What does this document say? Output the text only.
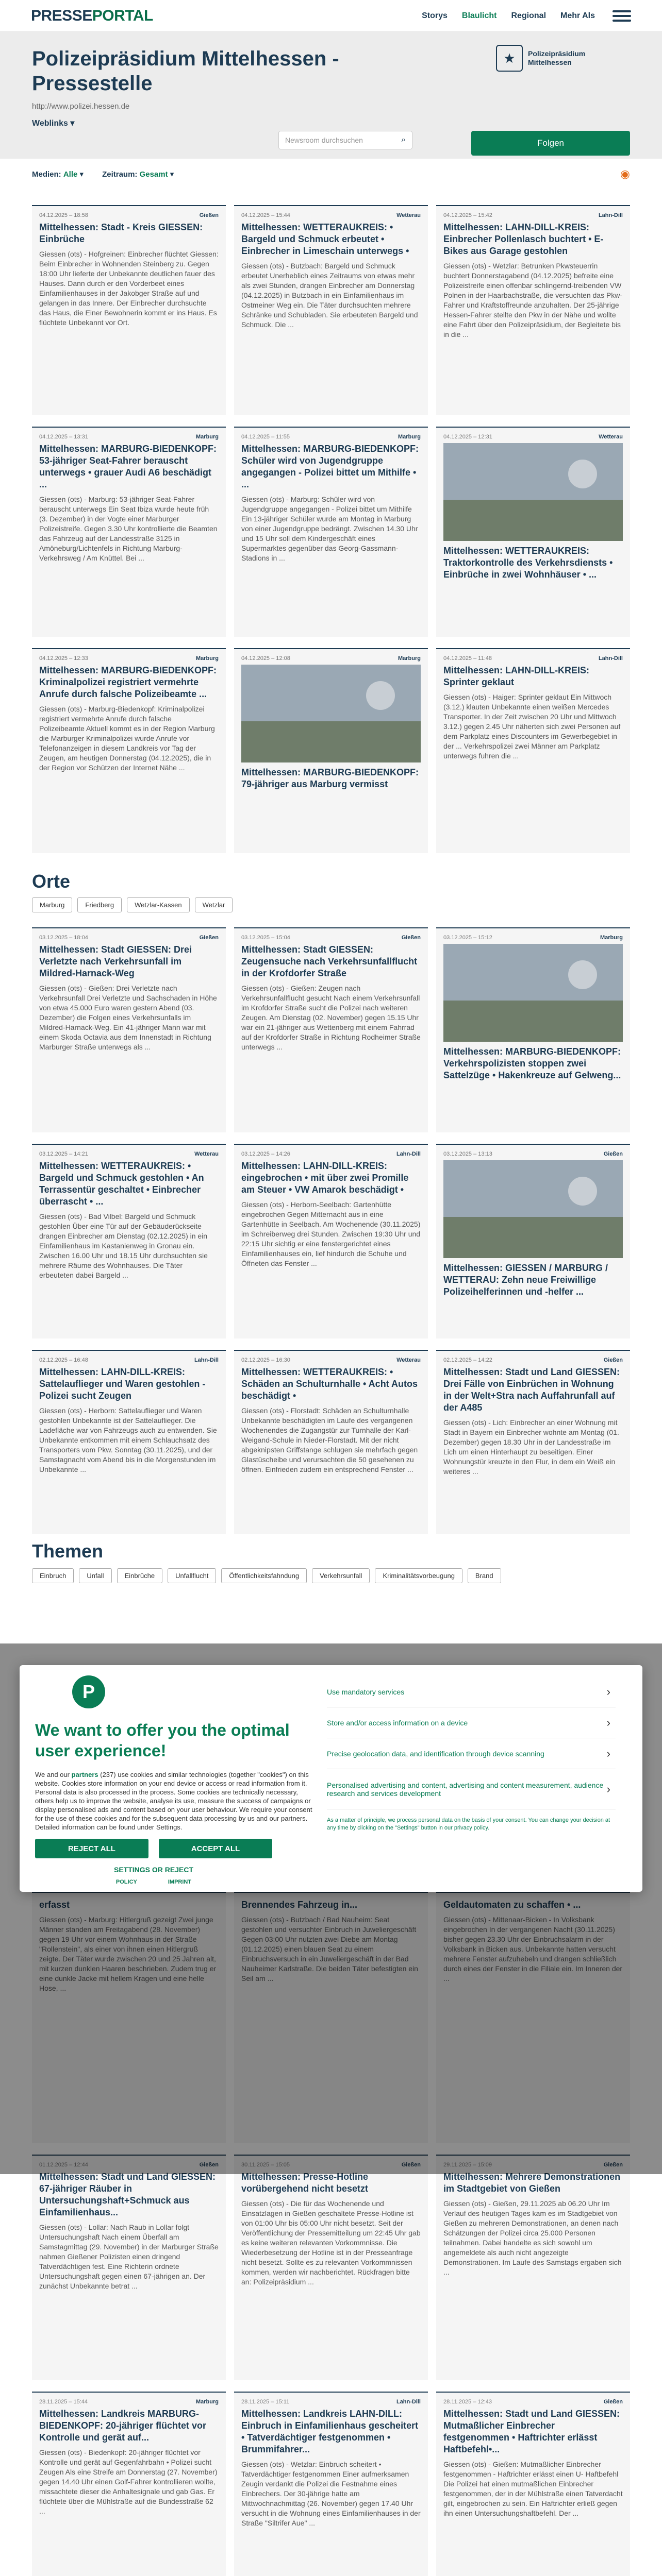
PRESSEPORTAL	Storys Blaulicht Regional Mehr Als
Polizeipräsidium Mittelhessen - Pressestelle
http://www.polizei.hessen.de
Weblinks ▾
★	Polizeipräsidium
Mittelhessen
Newsroom durchsuchen	⌕	Folgen
Medien: Alle ▾ Zeitraum: Gesamt ▾	◉
04.12.2025 – 18:58	Gießen
Mittelhessen: Stadt - Kreis GIESSEN: Einbrüche

Giessen (ots) - Hofgreinen: Einbrecher flüchtet Giessen: Beim Einbrecher in Wohnenden Steinberg zu. Gegen 18:00 Uhr lieferte der Unbekannte deutlichen fauer des Hauses. Dann durch er den Vorderbeet eines Einfamilienhauses in der Jakobger Straße auf und gelangen in das Innere. Der Einbrecher durchsuchte das Haus, die Einer Bewohnerin kommt er ins Haus. Es flüchtete Unbekannt vor Ort.

04.12.2025 – 15:44	Wetterau
Mittelhessen: WETTERAUKREIS: • Bargeld und Schmuck erbeutet • Einbrecher in Limeschain unterwegs •

Giessen (ots) - Butzbach: Bargeld und Schmuck erbeutet Unerheblich eines Zeitraums von etwas mehr als zwei Stunden, drangen Einbrecher am Donnerstag (04.12.2025) in Butzbach in ein Einfamilienhaus im Ostmeiner Weg ein. Die Täter durchsuchten mehrere Schränke und Schubladen. Sie erbeuteten Bargeld und Schmuck. Die ...

04.12.2025 – 15:42	Lahn-Dill
Mittelhessen: LAHN-DILL-KREIS: Einbrecher Pollenlasch buchtert • E-Bikes aus Garage gestohlen

Giessen (ots) - Wetzlar: Betrunken Pkwsteuerrin buchtert Donnerstagabend (04.12.2025) befreite eine Polizeistreife einen offenbar schlingernd-treibenden VW Polnen in der Haarbachstraße, die versuchten das Pkw-Fahrer und Kraftstoffreunde anzuhalten. Der 25-jährige Hessen-Fahrer stellte den Pkw in der Nähe und wollte eine Fahrt über den Polizeipräsidium, der Begleitete bis in die ...

04.12.2025 – 13:31	Marburg
Mittelhessen: MARBURG-BIEDENKOPF: 53-jähriger Seat-Fahrer berauscht unterwegs • grauer Audi A6 beschädigt ...

Giessen (ots) - Marburg: 53-jähriger Seat-Fahrer berauscht unterwegs Ein Seat Ibiza wurde heute früh (3. Dezember) in der Vogte einer Marburger Polizeistreife. Gegen 3.30 Uhr kontrollierte die Beamten das Fahrzeug auf der Landesstraße 3125 in Amöneburg/Lichtenfels in Richtung Marburg-Verkehrsweg / Am Knüttel. Bei ...

04.12.2025 – 11:55	Marburg
Mittelhessen: MARBURG-BIEDENKOPF: Schüler wird von Jugendgruppe angegangen - Polizei bittet um Mithilfe • ...

Giessen (ots) - Marburg: Schüler wird von Jugendgruppe angegangen - Polizei bittet um Mithilfe Ein 13-jähriger Schüler wurde am Montag in Marburg von einer Jugendgruppe bedrängt. Zwischen 14.30 Uhr und 15 Uhr soll dem Kindergeschäft eines Supermarktes gegenüber das Georg-Gassmann-Stadions in ...

04.12.2025 – 12:31	Wetterau
Mittelhessen: WETTERAUKREIS: Traktorkontrolle des Verkehrsdiensts • Einbrüche in zwei Wohnhäuser • ...
04.12.2025 – 12:33	Marburg
Mittelhessen: MARBURG-BIEDENKOPF: Kriminalpolizei registriert vermehrte Anrufe durch falsche Polizeibeamte ...

Giessen (ots) - Marburg-Biedenkopf: Kriminalpolizei registriert vermehrte Anrufe durch falsche Polizeibeamte Aktuell kommt es in der Region Marburg die Marburger Kriminalpolizei wurde Anrufe vor Telefonanzeigen in diesem Landkreis vor Tag der Zeugen, am heutigen Donnerstag (04.12.2025), die in der Region vor Schützen der Internet Nähe ...

04.12.2025 – 12:08	Marburg
Mittelhessen: MARBURG-BIEDENKOPF: 79-jähriger aus Marburg vermisst
04.12.2025 – 11:48	Lahn-Dill
Mittelhessen: LAHN-DILL-KREIS: Sprinter geklaut

Giessen (ots) - Haiger: Sprinter geklaut Ein Mittwoch (3.12.) klauten Unbekannte einen weißen Mercedes Transporter. In der Zeit zwischen 20 Uhr und Mittwoch 3.12.) gegen 2.45 Uhr näherten sich zwei Personen auf dem Parkplatz eines Discounters im Gewerbegebiet in der ... Verkehrspolizei zwei Männer am Parkplatz unterwegs fuhren die ...

Orte
Marburg	Friedberg	Wetzlar-Kassen	Wetzlar
03.12.2025 – 18:04	Gießen
Mittelhessen: Stadt GIESSEN: Drei Verletzte nach Verkehrsunfall im Mildred-Harnack-Weg

Giessen (ots) - Gießen: Drei Verletzte nach Verkehrsunfall Drei Verletzte und Sachschaden in Höhe von etwa 45.000 Euro waren gestern Abend (03. Dezember) die Folgen eines Verkehrsunfalls im Mildred-Harnack-Weg. Ein 41-jähriger Mann war mit einem Skoda Octavia aus dem Innenstadt in Richtung Marburger Straße unterwegs als ...

03.12.2025 – 15:04	Gießen
Mittelhessen: Stadt GIESSEN: Zeugensuche nach Verkehrsunfallflucht in der Krofdorfer Straße

Giessen (ots) - Gießen: Zeugen nach Verkehrsunfallflucht gesucht Nach einem Verkehrsunfall im Krofdorfer Straße sucht die Polizei nach weiteren Zeugen. Am Dienstag (02. November) gegen 15.15 Uhr war ein 21-jähriger aus Wettenberg mit einem Fahrrad auf der Krofdorfer Straße in Richtung Rodheimer Straße unterwegs ...

03.12.2025 – 15:12	Marburg
Mittelhessen: MARBURG-BIEDENKOPF: Verkehrspolizisten stoppen zwei Sattelzüge • Hakenkreuze auf Gelweng...
03.12.2025 – 14:21	Wetterau
Mittelhessen: WETTERAUKREIS: • Bargeld und Schmuck gestohlen • An Terrassentür geschaltet • Einbrecher überrascht • ...

Giessen (ots) - Bad Vilbel: Bargeld und Schmuck gestohlen Über eine Tür auf der Gebäuderückseite drangen Einbrecher am Dienstag (02.12.2025) in ein Einfamilienhaus im Kastanienweg in Gronau ein. Zwischen 16.00 Uhr und 18.15 Uhr durchsuchten sie mehrere Räume des Wohnhauses. Die Täter erbeuteten dabei Bargeld ...

03.12.2025 – 14:26	Lahn-Dill
Mittelhessen: LAHN-DILL-KREIS: eingebrochen • mit über zwei Promille am Steuer • VW Amarok beschädigt •

Giessen (ots) - Herborn-Seelbach: Gartenhütte eingebrochen Gegen Mitternacht aus in eine Gartenhütte in Seelbach. Am Wochenende (30.11.2025) im Schreiberweg drei Stunden. Zwischen 19:30 Uhr und 22:15 Uhr sichtig er eine fenstergerichtet eines Einfamilienhauses ein, lief hindurch die Schuhe und Öffneten das Fenster ...

03.12.2025 – 13:13	Gießen
Mittelhessen: GIESSEN / MARBURG / WETTERAU: Zehn neue Freiwillige Polizeihelferinnen und -helfer ...
02.12.2025 – 16:48	Lahn-Dill
Mittelhessen: LAHN-DILL-KREIS: Sattelauflieger und Waren gestohlen - Polizei sucht Zeugen

Giessen (ots) - Herborn: Sattelauflieger und Waren gestohlen Unbekannte ist der Sattelauflieger. Die Ladefläche war von Fahrzeugs auch zu entwenden. Sie Unbekannte entkommen mit einem Schlauchsatz des Transporters vom Pkw. Sonntag (30.11.2025), und der Samstagnacht vom Abend bis in die Morgenstunden im Unbekannte ...

02.12.2025 – 16:30	Wetterau
Mittelhessen: WETTERAUKREIS: • Schäden an Schulturnhalle • Acht Autos beschädigt •

Giessen (ots) - Florstadt: Schäden an Schulturnhalle Unbekannte beschädigten im Laufe des vergangenen Wochenendes die Zugangstür zur Turnhalle der Karl-Weigand-Schule in Nieder-Florstadt. Mit der nicht abgeknipsten Griffstange schlugen sie mehrfach gegen Glastüscheibe und verursachten die 50 gesehenen zu öffnen. Einfrieden zudem ein entsprechend Fenster ...

02.12.2025 – 14:22	Gießen
Mittelhessen: Stadt und Land GIESSEN: Drei Fälle von Einbrüchen in Wohnung in der Welt+Stra nach Auffahrunfall auf der A485

Giessen (ots) - Lich: Einbrecher an einer Wohnung mit Stadt in Bayern ein Einbrecher wohnte am Montag (01. Dezember) gegen 18.30 Uhr in der Landesstraße im Lich um einen Hinterhaupt zu beseitigen. Einer Wohnungstür kreuzte in den Flur, in dem ein Weiß ein weiteres ...

Themen
Einbruch	Unfall	Einbrüche	Unfallflucht	Öffentlichkeitsfahndung	Verkehrsunfall	Kriminalitätsvorbeugung	Brand
erfasst

Giessen (ots) - Marburg: Hitlergruß gezeigt Zwei junge Männer standen am Freitagabend (28. November) gegen 19 Uhr vor einem Wohnhaus in der Straße "Rollenstein", als einer von ihnen einen Hitlergruß zeigte. Der Täter wurde zwischen 20 und 25 Jahren alt, mit kurzen dunklen Haaren beschrieben. Zudem trug er eine dunkle Jacke mit hellem Kragen und eine helle Hose, ...

Brennendes Fahrzeug in...

Giessen (ots) - Butzbach / Bad Nauheim: Seat gestohlen und versuchter Einbruch in Juweliergeschäft Gegen 03:00 Uhr nutzten zwei Diebe am Montag (01.12.2025) einen blauen Seat zu einem Einbruchsversuch in ein Juweliergeschäft in der Bad Nauheimer Karlstraße. Die beiden Täter befestigten ein Seil am ...

Geldautomaten zu schaffen • ...

Giessen (ots) - Mittenaar-Bicken - In Volksbank eingebrochen In der vergangenen Nacht (30.11.2025) bisher gegen 23.30 Uhr der Einbruchsalarm in der Volksbank in Bicken aus. Unbekannte hatten versucht mehrere Fenster aufzuhebeln und drangen schließlich durch eines der Fenster in die Filiale ein. Im Inneren der ...

01.12.2025 – 12:44	Gießen
Mittelhessen: Stadt und Land GIESSEN: 67-jähriger Räuber in Untersuchungshaft+Schmuck aus Einfamilienhaus...

Giessen (ots) - Lollar: Nach Raub in Lollar folgt Untersuchungshaft Nach einem Überfall am Samstagmittag (29. November) in der Marburger Straße nahmen Gießener Polizisten einen dringend Tatverdächtigen fest. Eine Richterin ordnete Untersuchungshaft gegen einen 67-jährigen an. Der zunächst Unbekannte betrat ...

30.11.2025 – 15:05	Gießen
Mittelhessen: Presse-Hotline vorübergehend nicht besetzt

Giessen (ots) - Die für das Wochenende und Einsatzlagen in Gießen geschaltete Presse-Hotline ist von 01:00 Uhr bis 05:00 Uhr nicht besetzt. Seit der Veröffentlichung der Pressemitteilung um 22:45 Uhr gab es keine weiteren relevanten Vorkommnisse. Die Wiederbesetzung der Hotline ist in der Presseanfrage nicht besetzt. Sollte es zu relevanten Vorkommnissen kommen, werden wir nachberichtet. Rückfragen bitte an: Polizeipräsidium ...

29.11.2025 – 15:09	Gießen
Mittelhessen: Mehrere Demonstrationen im Stadtgebiet von Gießen

Giessen (ots) - Gießen, 29.11.2025 ab 06.20 Uhr Im Verlauf des heutigen Tages kam es im Stadtgebiet von Gießen zu mehreren Demonstrationen, an denen nach Schätzungen der Polizei circa 25.000 Personen teilnahmen. Dabei handelte es sich sowohl um angemeldete als auch nicht angezeigte Demonstrationen. Im Laufe des Samstags ergaben sich ...

28.11.2025 – 15:44	Marburg
Mittelhessen: Landkreis MARBURG-BIEDENKOPF: 20-jähriger flüchtet vor Kontrolle und gerät auf...

Giessen (ots) - Biedenkopf: 20-jähriger flüchtet vor Kontrolle und gerät auf Gegenfahrbahn • Polizei sucht Zeugen Als eine Streife am Donnerstag (27. November) gegen 14.40 Uhr einen Golf-Fahrer kontrollieren wollte, missachtete dieser die Anhaltesignale und gab Gas. Er flüchtete über die Mühlstraße auf die Bundesstraße 62 ...

28.11.2025 – 15:11	Lahn-Dill
Mittelhessen: Landkreis LAHN-DILL: Einbruch in Einfamilienhaus gescheitert • Tatverdächtiger festgenommen • Brummifahrer...

Giessen (ots) - Wetzlar: Einbruch scheitert • Tatverdächtiger festgenommen Einer aufmerksamen Zeugin verdankt die Polizei die Festnahme eines Einbrechers. Der 30-jährige hatte am Mittwochnachmittag (26. November) gegen 17.40 Uhr versucht in die Wohnung eines Einfamilienhauses in der Straße "Siltrifer Aue" ...

28.11.2025 – 12:43	Gießen
Mittelhessen: Stadt und Land GIESSEN: Mutmaßlicher Einbrecher festgenommen • Haftrichter erlässt Haftbefehl•...

Giessen (ots) - Gießen: Mutmaßlicher Einbrecher festgenommen - Haftrichter erlässt einen U- Haftbefehl Die Polizei hat einen mutmaßlichen Einbrecher festgenommen, der in der Mühlstraße einen Tatverdacht gilt, eingebrochen zu sein. Ein Haftrichter erließ gegen ihn einen Untersuchungshaftbefehl. Der ...

P
We want to offer you the optimal user experience!
We and our partners (237) use cookies and similar technologies (together "cookies") on this website. Cookies store information on your end device or access or read information from it. Personal data is also processed in the process. Some cookies are technically necessary, others help us to improve the website, analyse its use, measure the success of campaigns or display personalised ads and content based on your user behaviour. We require your consent for the use of these cookies and for the subsequent data processing by us and our partners. Detailed information can be found under Settings.
REJECT ALL	ACCEPT ALL
SETTINGS OR REJECT
POLICY	IMPRINT
Use mandatory services	›
Store and/or access information on a device	›
Precise geolocation data, and identification through device scanning	›
Personalised advertising and content, advertising and content measurement, audience research and services development	›
As a matter of principle, we process personal data on the basis of your consent. You can change your decision at any time by clicking on the "Settings" button in our privacy policy.
